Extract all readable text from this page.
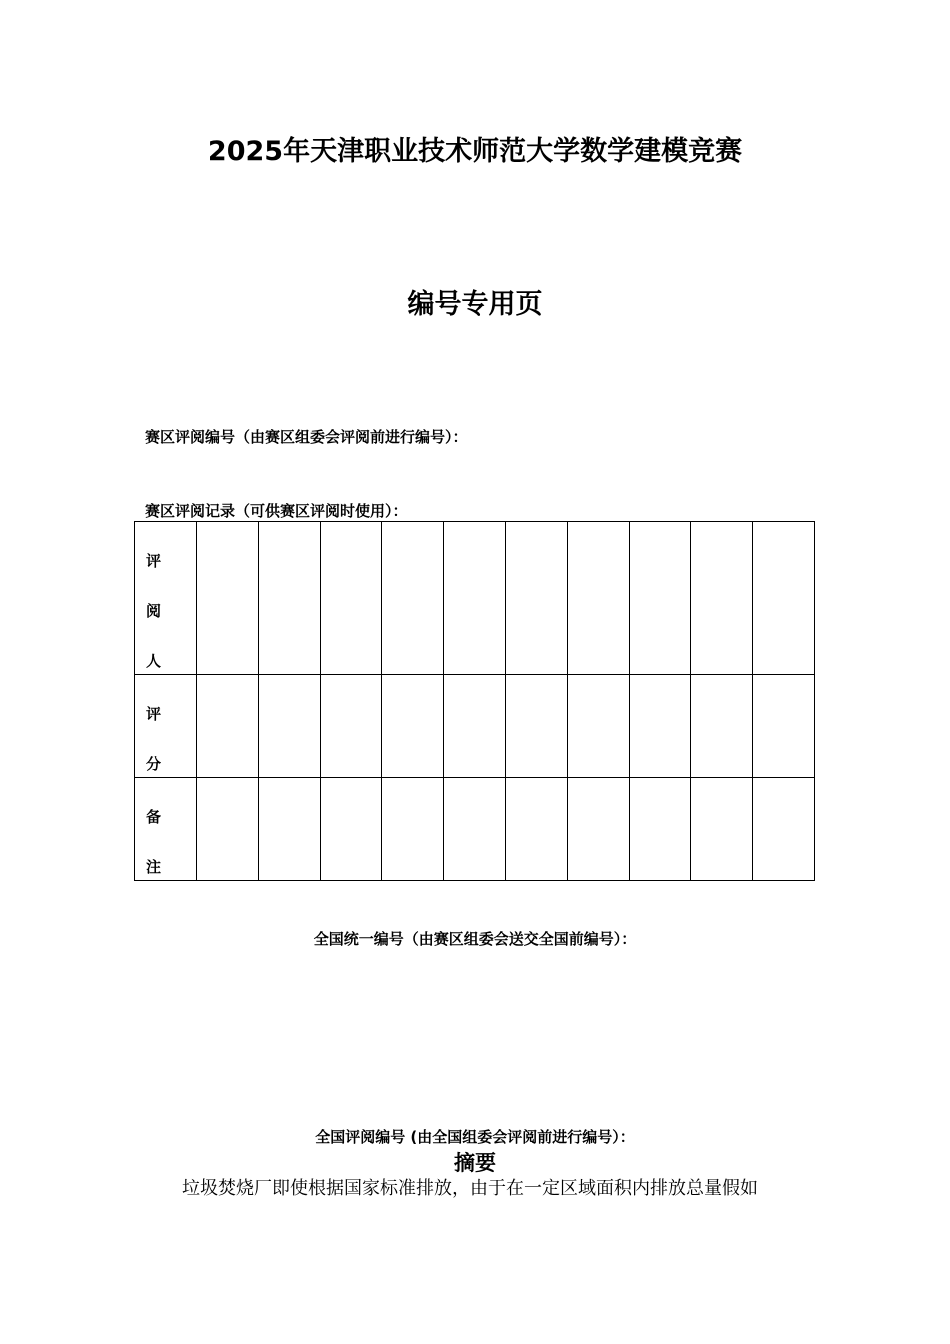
2025年天津职业技术师范大学数学建模竞赛
编号专用页
赛区评阅编号（由赛区组委会评阅前进行编号）：
赛区评阅记录（可供赛区评阅时使用）：
评
阅
人										

评
分										

备
注										

全国统一编号（由赛区组委会送交全国前编号）：
全国评阅编号 (由全国组委会评阅前进行编号）：
摘要
垃圾焚烧厂即使根据国家标准排放，由于在一定区域面积内排放总量假如
